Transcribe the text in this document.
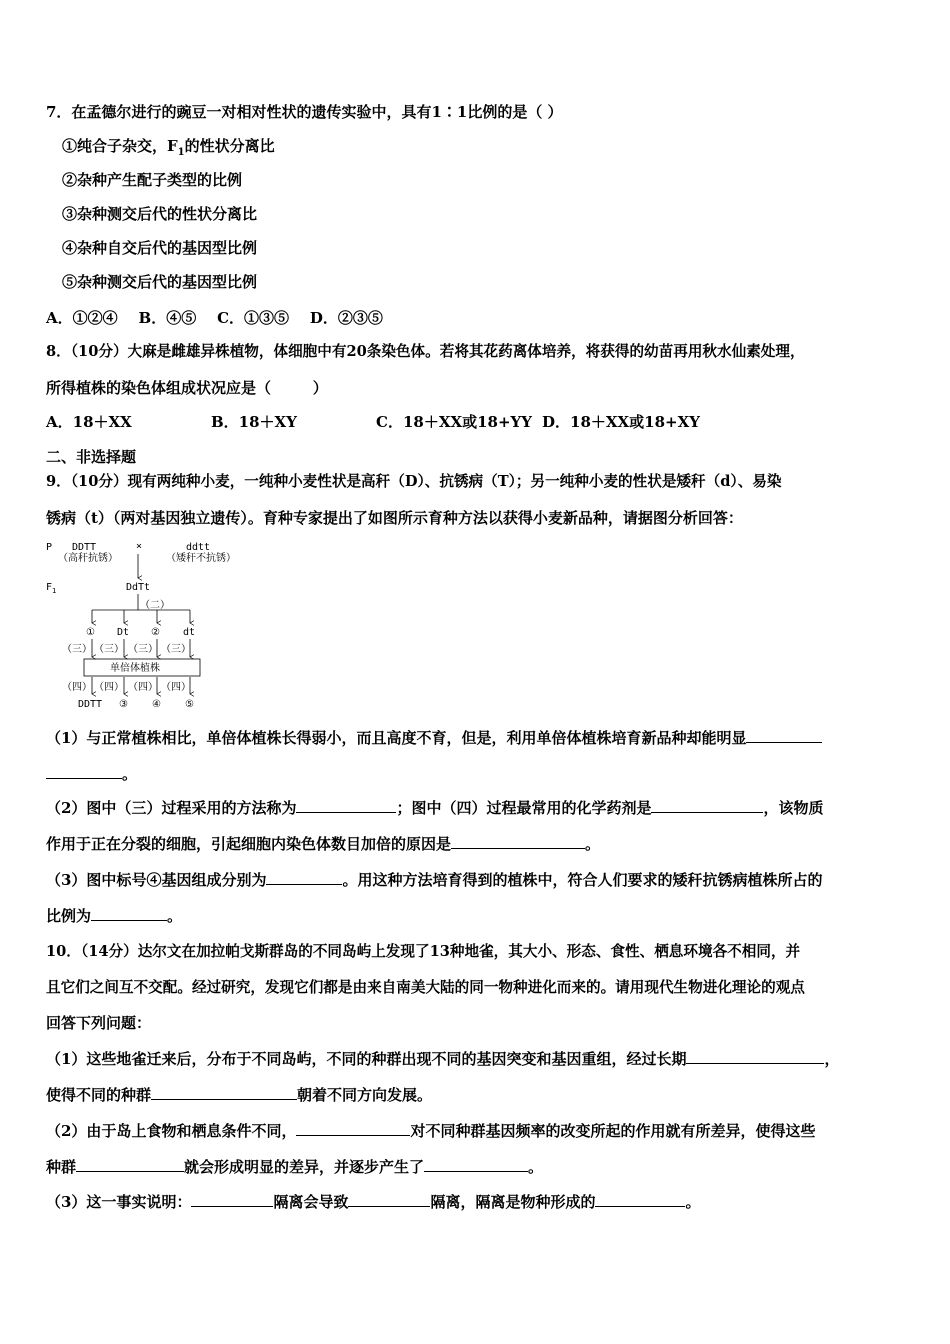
7．在孟德尔进行的豌豆一对相对性状的遗传实验中，具有1∶1比例的是（ ）
①纯合子杂交，$F_1$的性状分离比
②杂种产生配子类型的比例
③杂种测交后代的性状分离比
④杂种自交后代的基因型比例
⑤杂种测交后代的基因型比例
A．①②④    B．④⑤    C．①③⑤    D．②③⑤
8．（10分）大麻是雌雄异株植物，体细胞中有20条染色体。若将其花药离体培养，将获得的幼苗再用秋水仙素处理，
所得植株的染色体组成状况应是（        ）
A．18＋XX	B．18＋XY	C．18＋XX或18+YY D．18＋XX或18+XY
二、非选择题
9．（10分）现有两纯种小麦，一纯种小麦性状是高秆（D）、抗锈病（T）；另一纯种小麦的性状是矮秆（d）、易染
锈病（t）（两对基因独立遗传）。育种专家提出了如图所示育种方法以获得小麦新品种，请据图分析回答：
P DDTT
（高秆抗锈）
×	ddtt
（矮秆不抗锈）
$F_1$	DdTt
（二）
① Dt ② dt
（三） （三） （三） （三）
单倍体植株
（四） （四） （四） （四）
DDTT ③ ④ ⑤
（1）与正常植株相比，单倍体植株长得弱小，而且高度不育，但是，利用单倍体植株培育新品种却能明显
。
（2）图中（三）过程采用的方法称为	；图中（四）过程最常用的化学药剂是	，该物质
作用于正在分裂的细胞，引起细胞内染色体数目加倍的原因是	。
（3）图中标号④基因组成分别为	。用这种方法培育得到的植株中，符合人们要求的矮秆抗锈病植株所占的
比例为	。
10．（14分）达尔文在加拉帕戈斯群岛的不同岛屿上发现了13种地雀，其大小、形态、食性、栖息环境各不相同，并
且它们之间互不交配。经过研究，发现它们都是由来自南美大陆的同一物种进化而来的。请用现代生物进化理论的观点
回答下列问题：
（1）这些地雀迁来后，分布于不同岛屿，不同的种群出现不同的基因突变和基因重组，经过长期	，
使得不同的种群	朝着不同方向发展。
（2）由于岛上食物和栖息条件不同，	对不同种群基因频率的改变所起的作用就有所差异，使得这些
种群	就会形成明显的差异，并逐步产生了	。
（3）这一事实说明：	隔离会导致	隔离，隔离是物种形成的	。
